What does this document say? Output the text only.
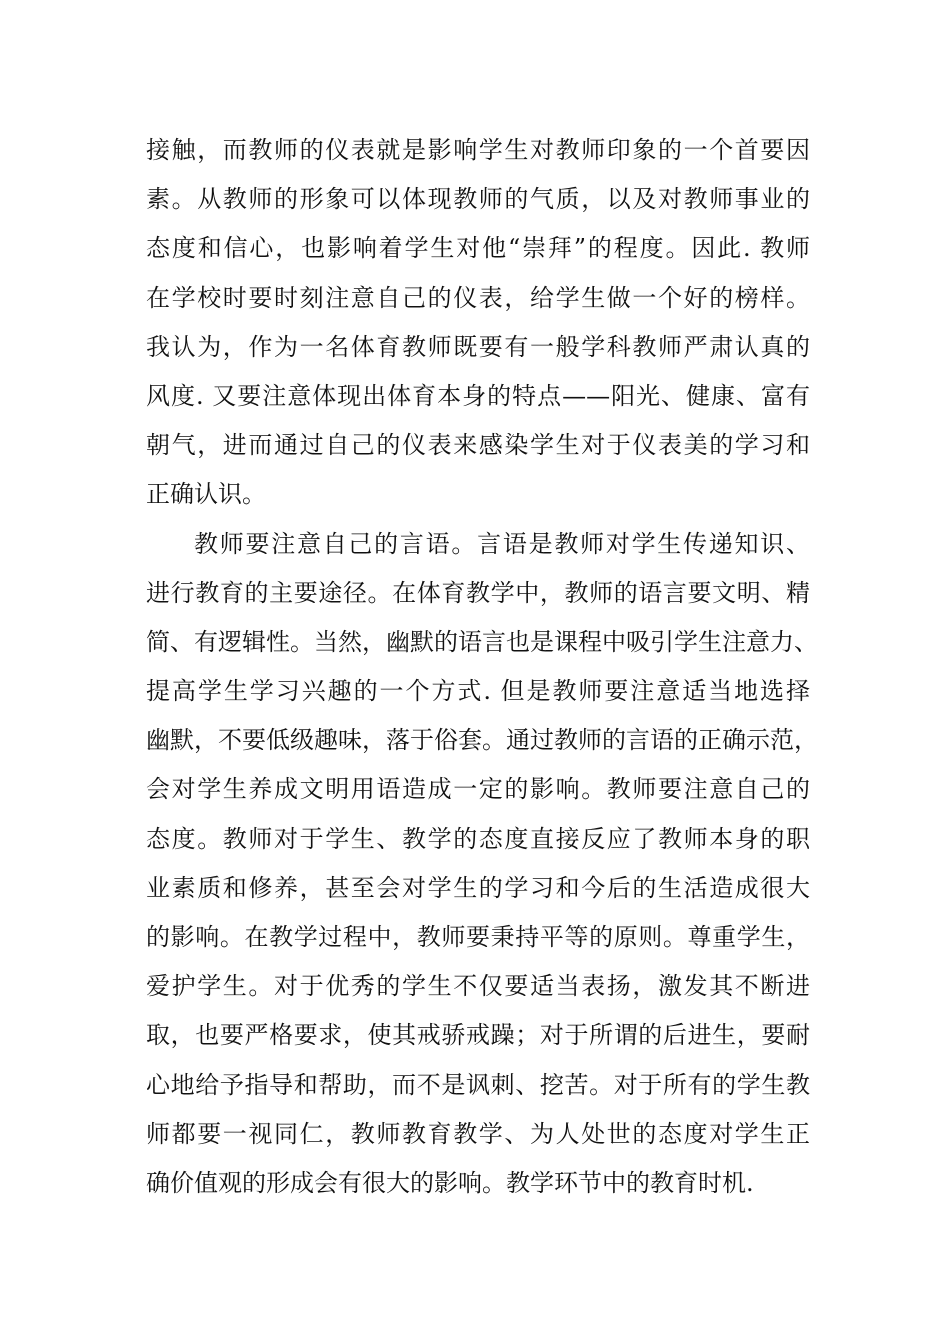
接触，而教师的仪表就是影响学生对教师印象的一个首要因
素。从教师的形象可以体现教师的气质，以及对教师事业的
态度和信心，也影响着学生对他“崇拜”的程度。因此. 教师
在学校时要时刻注意自己的仪表，给学生做一个好的榜样。
我认为，作为一名体育教师既要有一般学科教师严肃认真的
风度. 又要注意体现出体育本身的特点——阳光、健康、富有
朝气，进而通过自己的仪表来感染学生对于仪表美的学习和
正确认识。
教师要注意自己的言语。言语是教师对学生传递知识、
进行教育的主要途径。在体育教学中，教师的语言要文明、精
简、有逻辑性。当然，幽默的语言也是课程中吸引学生注意力、
提高学生学习兴趣的一个方式. 但是教师要注意适当地选择
幽默，不要低级趣味，落于俗套。通过教师的言语的正确示范，
会对学生养成文明用语造成一定的影响。教师要注意自己的
态度。教师对于学生、教学的态度直接反应了教师本身的职
业素质和修养，甚至会对学生的学习和今后的生活造成很大
的影响。在教学过程中，教师要秉持平等的原则。尊重学生，
爱护学生。对于优秀的学生不仅要适当表扬，激发其不断进
取，也要严格要求，使其戒骄戒躁；对于所谓的后进生，要耐
心地给予指导和帮助，而不是讽刺、挖苦。对于所有的学生教
师都要一视同仁，教师教育教学、为人处世的态度对学生正
确价值观的形成会有很大的影响。教学环节中的教育时机.
